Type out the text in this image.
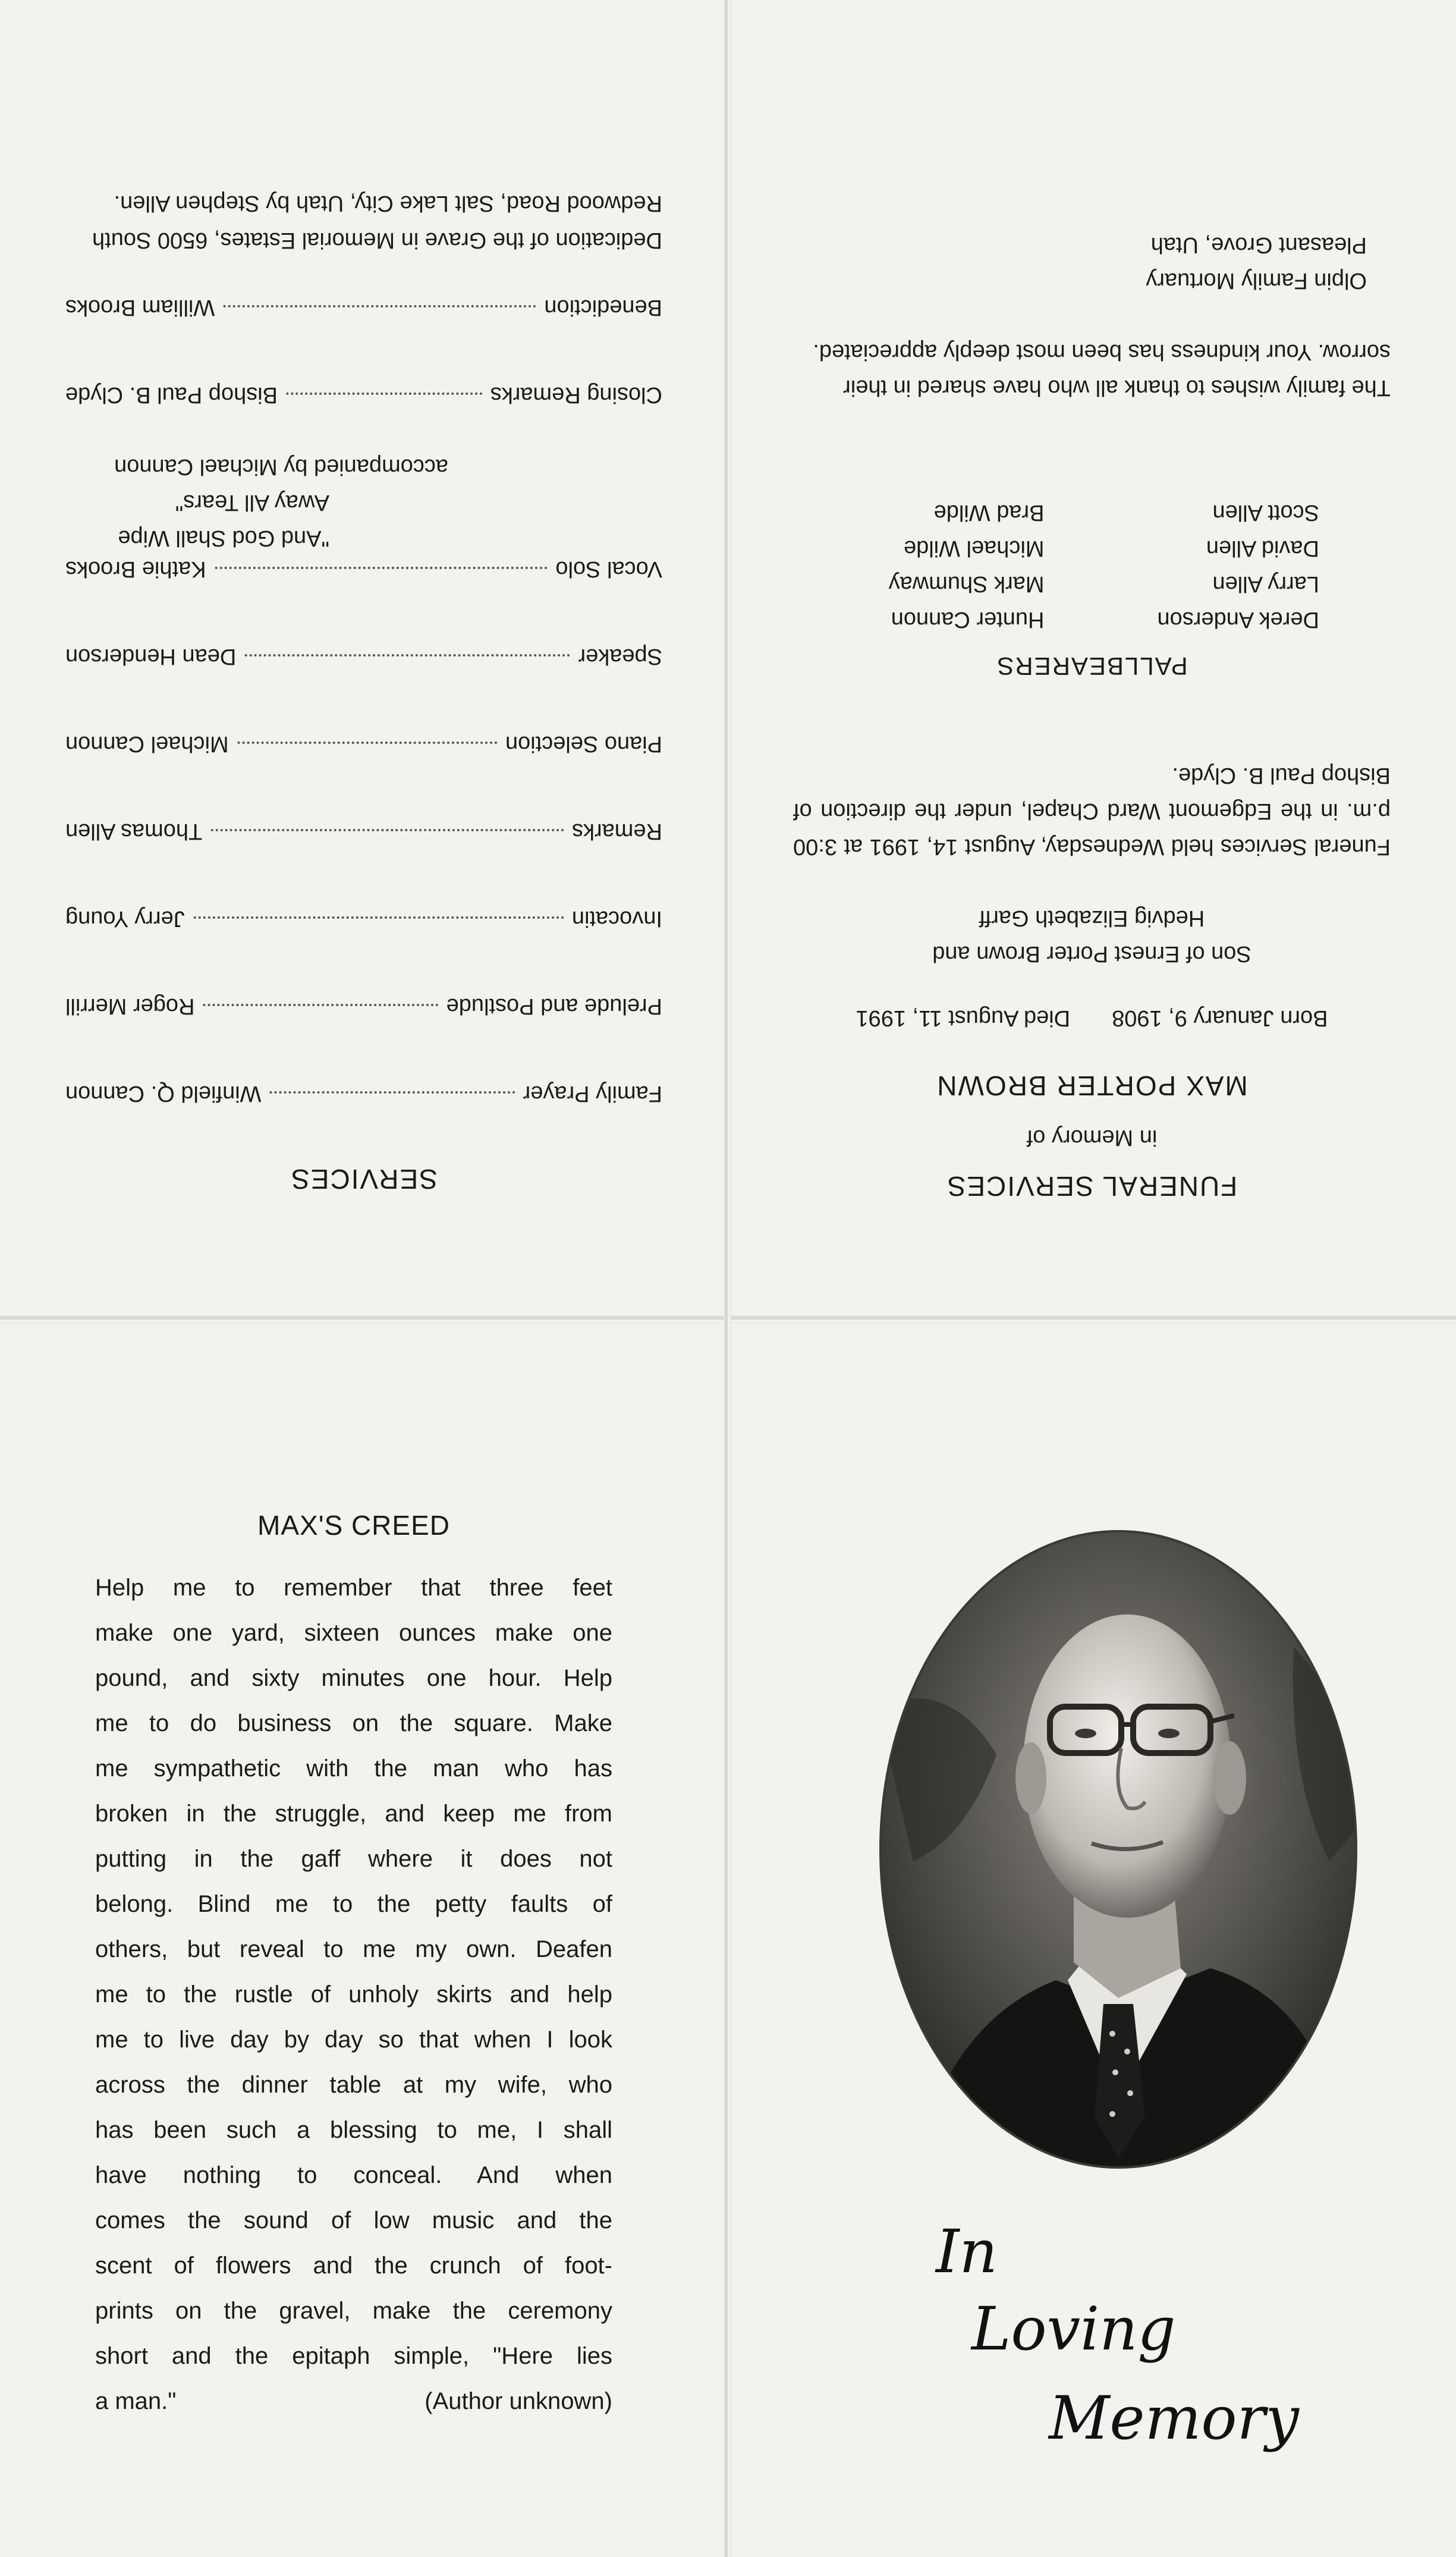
SERVICES
Family Prayer
Winfield Q. Cannon
Prelude and Postlude
Roger Merrill
Invocatin
Jerry Young
Remarks
Thomas Allen
Piano Selection
Michael Cannon
Speaker
Dean Henderson
Vocal Solo
Kathie Brooks
"And God Shall Wipe Away All Tears"
accompanied by Michael Cannon
Closing Remarks
Bishop Paul B. Clyde
Benediction
William Brooks
Dedication of the Grave in Memorial Estates, 6500 South Redwood Road, Salt Lake City, Utah by Stephen Allen.
FUNERAL SERVICES
in Memory of
MAX PORTER BROWN
Born January 9, 1908
Died August 11, 1991
Son of Ernest Porter Brown and
Hedvig Elizabeth Garff
Funeral Services held Wednesday, August 14, 1991 at 3:00 p.m. in the Edgemont Ward Chapel, under the direction of Bishop Paul B. Clyde.
PALLBEARERS
Derek Anderson
Hunter Cannon
Larry Allen
Mark Shumway
David Allen
Michael Wilde
Scott Allen
Brad Wilde
The family wishes to thank all who have shared in their sorrow. Your kindness has been most deeply appreciated.
Olpin Family Mortuary
Pleasant Grove, Utah
MAX'S CREED
Help me to remember that three feet
make one yard, sixteen ounces make one
pound, and sixty minutes one hour. Help
me to do business on the square. Make
me sympathetic with the man who has
broken in the struggle, and keep me from
putting in the gaff where it does not
belong. Blind me to the petty faults of
others, but reveal to me my own. Deafen
me to the rustle of unholy skirts and help
me to live day by day so that when I look
across the dinner table at my wife, who
has been such a blessing to me, I shall
have nothing to conceal. And when
comes the sound of low music and the
scent of flowers and the crunch of foot-
prints on the gravel, make the ceremony
short and the epitaph simple, "Here lies
a man."	(Author unknown)
In
Loving
Memory
